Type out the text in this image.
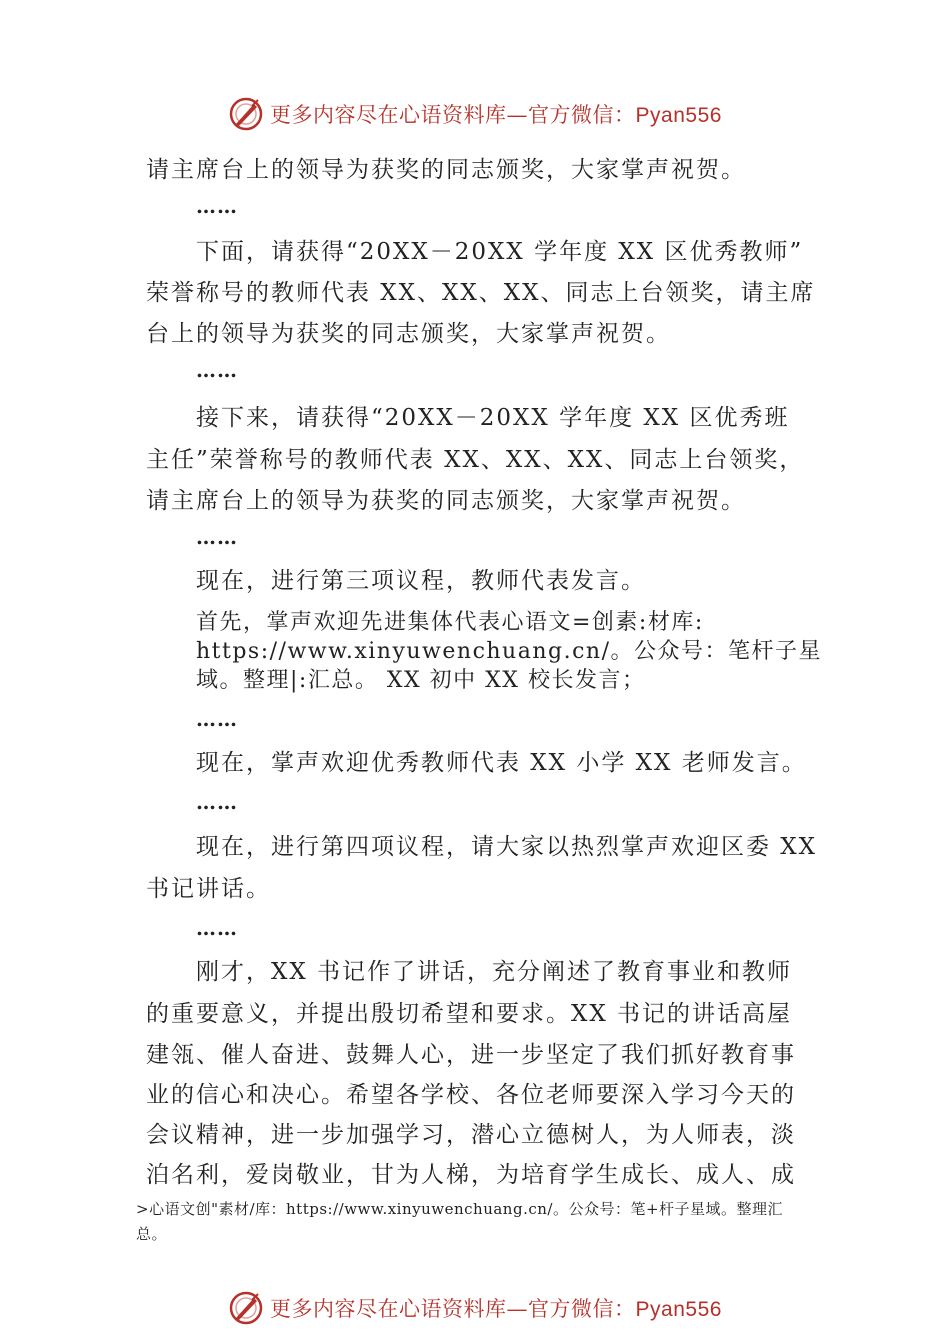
更多内容尽在心语资料库—官方微信：Pyan556
请主席台上的领导为获奖的同志颁奖，大家掌声祝贺。
……
下面，请获得“20XX－20XX 学年度 XX 区优秀教师”
荣誉称号的教师代表 XX、XX、XX、同志上台领奖，请主席
台上的领导为获奖的同志颁奖，大家掌声祝贺。
……
接下来，请获得“20XX－20XX 学年度 XX 区优秀班
主任”荣誉称号的教师代表 XX、XX、XX、同志上台领奖，
请主席台上的领导为获奖的同志颁奖，大家掌声祝贺。
……
现在，进行第三项议程，教师代表发言。
首先，掌声欢迎先进集体代表心语文=创素:材库:
https://www.xinyuwenchuang.cn/。公众号：笔杆子星
域。整理|:汇总。 XX 初中 XX 校长发言；
……
现在，掌声欢迎优秀教师代表 XX 小学 XX 老师发言。
……
现在，进行第四项议程，请大家以热烈掌声欢迎区委 XX
书记讲话。
……
刚才，XX 书记作了讲话，充分阐述了教育事业和教师
的重要意义，并提出殷切希望和要求。XX 书记的讲话高屋
建瓴、催人奋进、鼓舞人心，进一步坚定了我们抓好教育事
业的信心和决心。希望各学校、各位老师要深入学习今天的
会议精神，进一步加强学习，潜心立德树人，为人师表，淡
泊名利，爱岗敬业，甘为人梯，为培育学生成长、成人、成
>心语文创"素材/库：https://www.xinyuwenchuang.cn/。公众号：笔+杆子星域。整理汇
总。
更多内容尽在心语资料库—官方微信：Pyan556
